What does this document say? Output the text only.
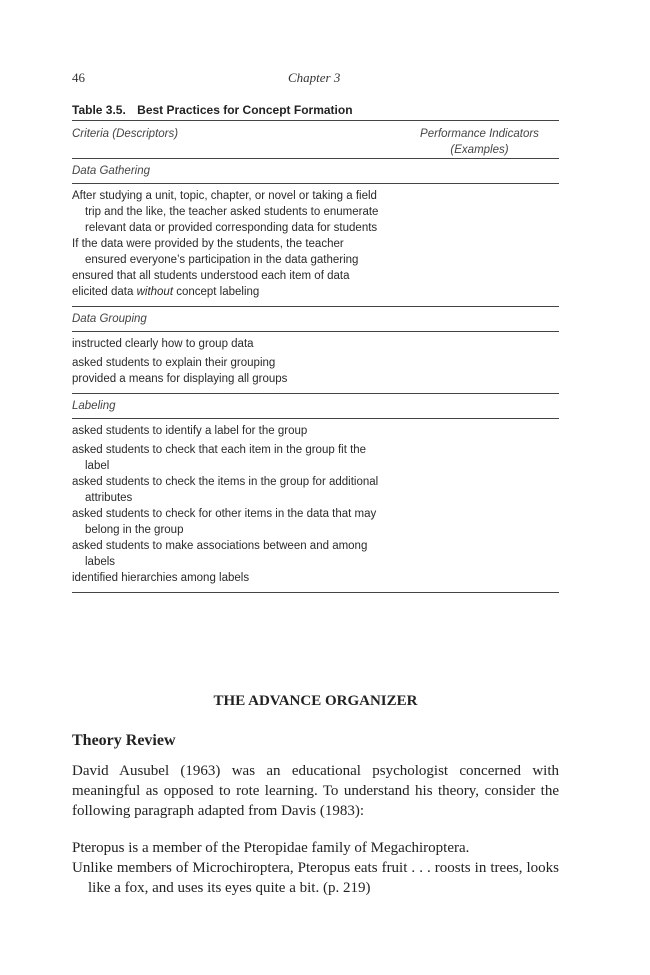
46	Chapter 3
Table 3.5. Best Practices for Concept Formation
Criteria (Descriptors)	Performance Indicators
(Examples)
Data Gathering
After studying a unit, topic, chapter, or novel or taking a field trip and the like, the teacher asked students to enumerate relevant data or provided corresponding data for students
If the data were provided by the students, the teacher ensured everyone’s participation in the data gathering
ensured that all students understood each item of data
elicited data without concept labeling
Data Grouping
instructed clearly how to group data
asked students to explain their grouping
provided a means for displaying all groups
Labeling
asked students to identify a label for the group
asked students to check that each item in the group fit the label
asked students to check the items in the group for additional attributes
asked students to check for other items in the data that may belong in the group
asked students to make associations between and among labels
identified hierarchies among labels
THE ADVANCE ORGANIZER
Theory Review

David Ausubel (1963) was an educational psychologist concerned with meaningful as opposed to rote learning. To understand his theory, consider the following paragraph adapted from Davis (1983):

Pteropus is a member of the Pteropidae family of Megachiroptera.

Unlike members of Microchiroptera, Pteropus eats fruit . . . roosts in trees, looks like a fox, and uses its eyes quite a bit. (p. 219)
